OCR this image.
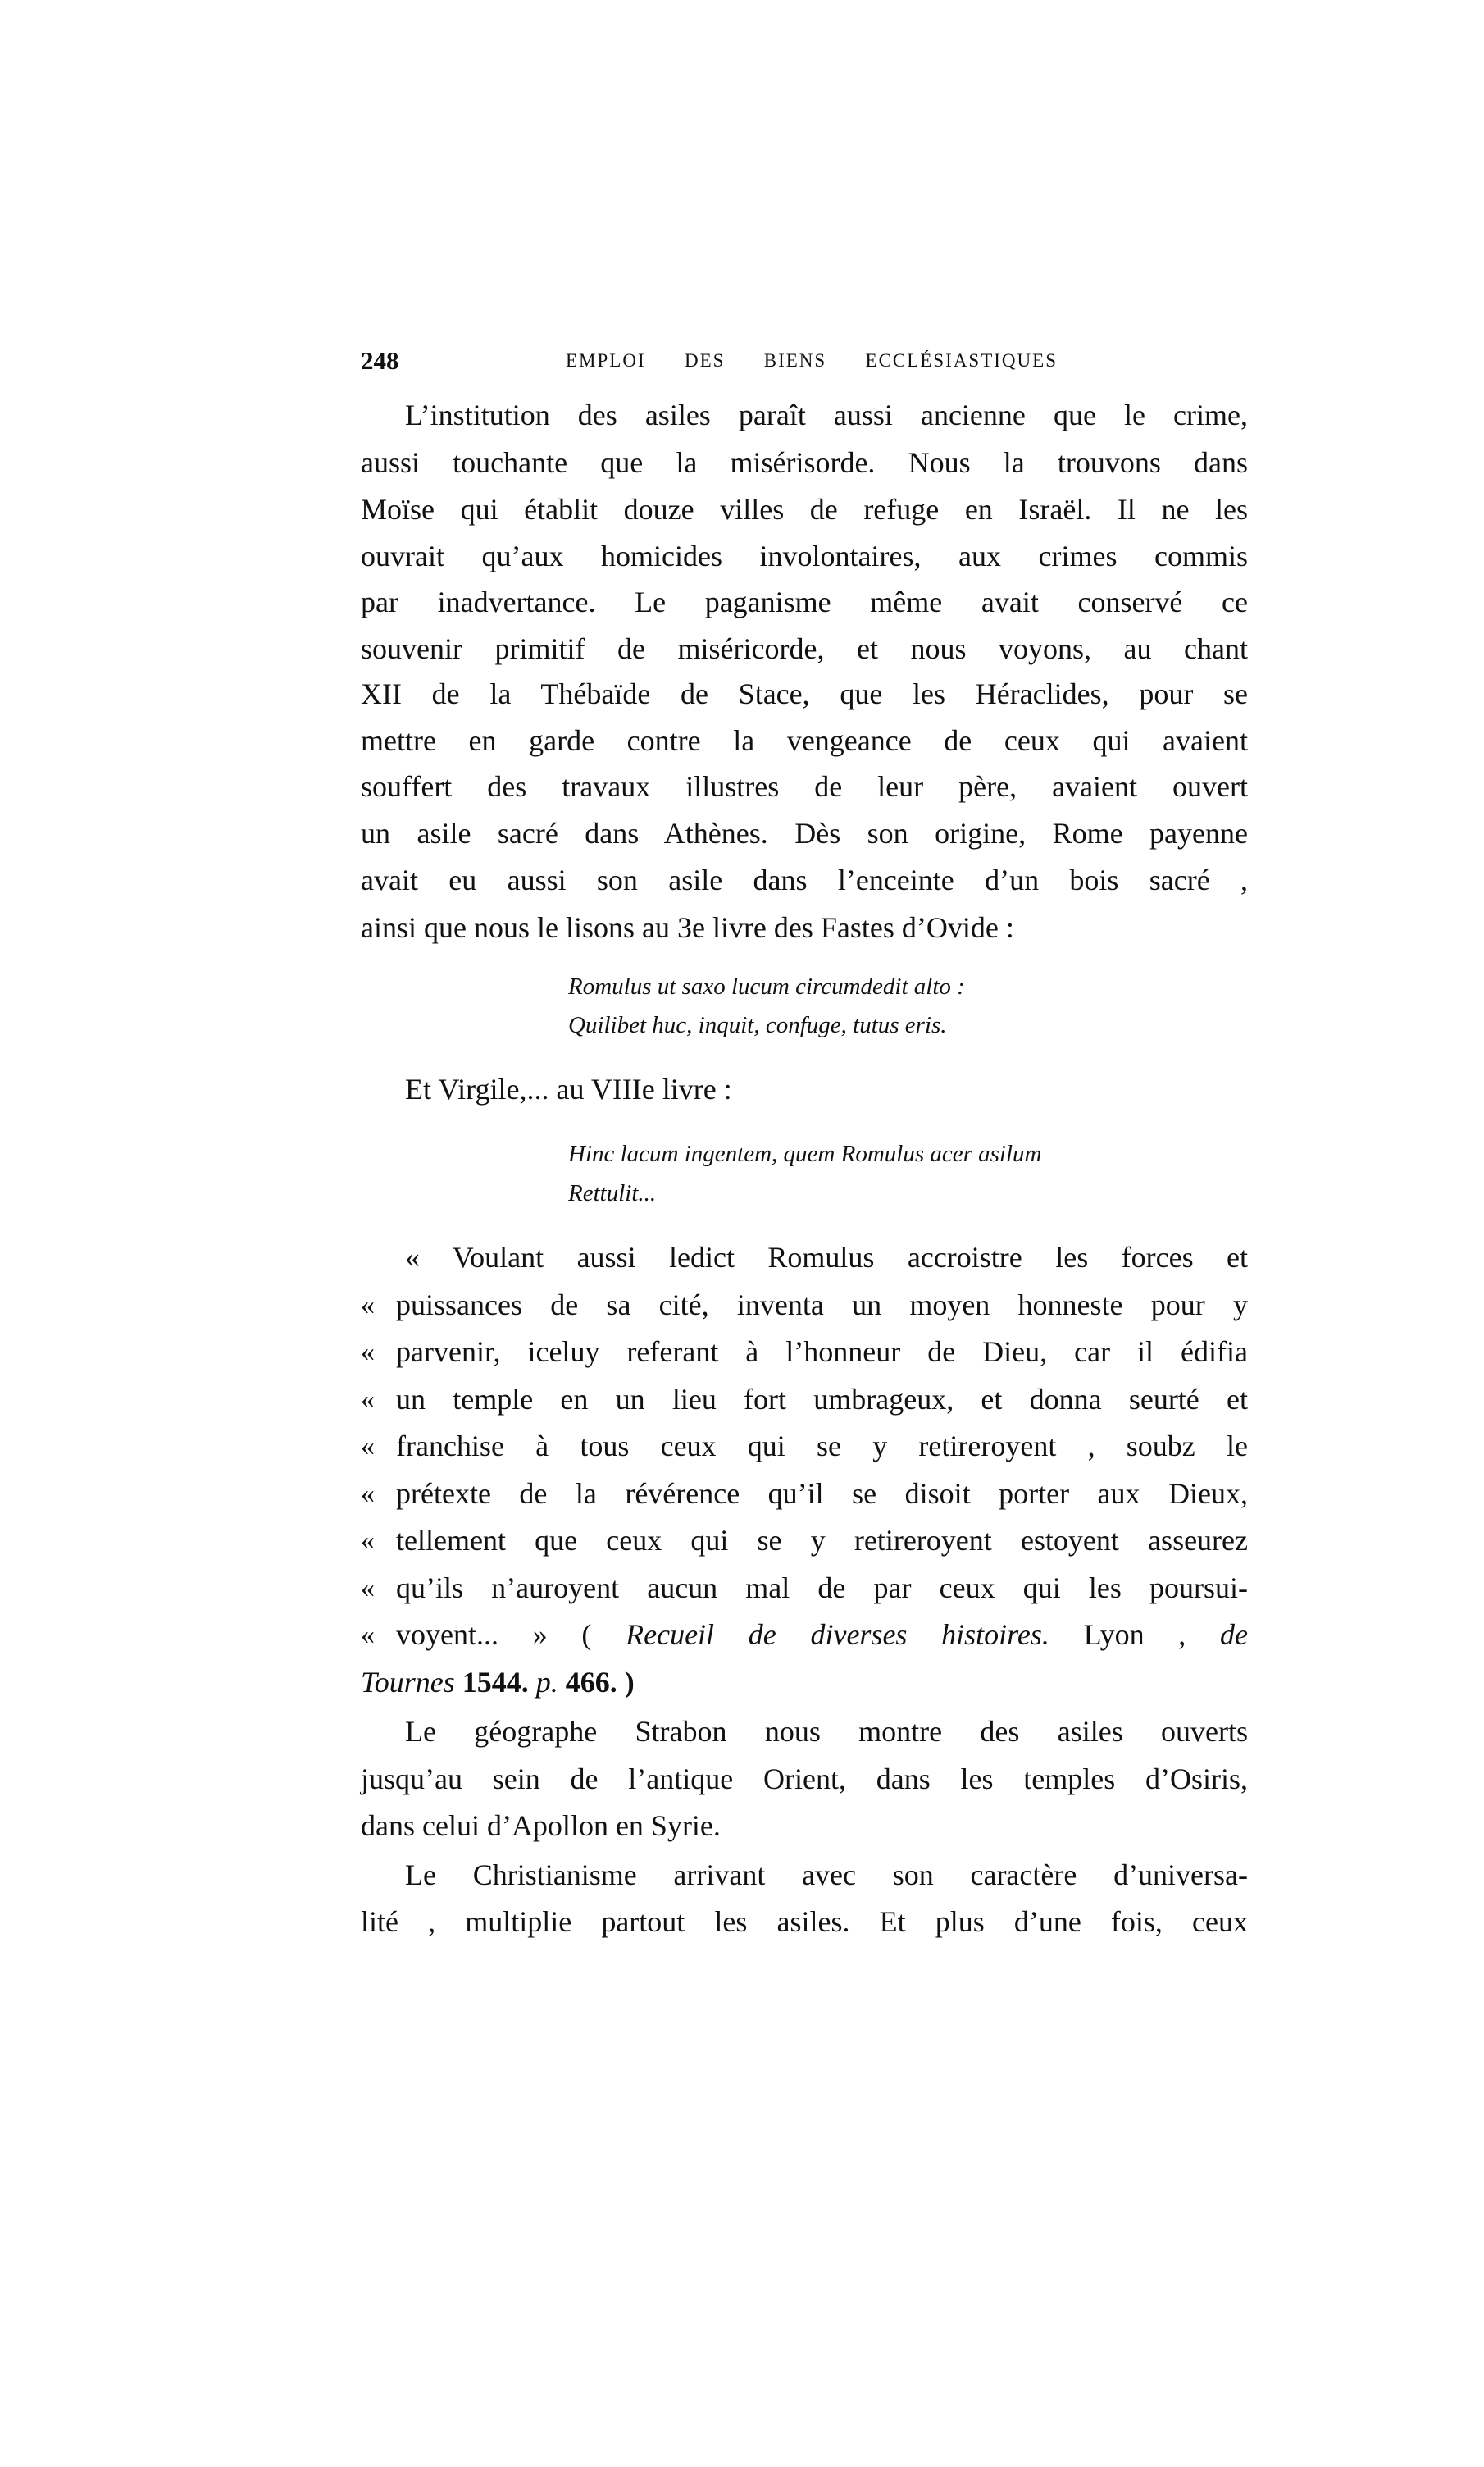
248	EMPLOI DES BIENS ECCLÉSIASTIQUES
L’institution des asiles paraît aussi ancienne que le crime,
aussi touchante que la misérisorde. Nous la trouvons dans
Moïse qui établit douze villes de refuge en Israël. Il ne les
ouvrait qu’aux homicides involontaires, aux crimes commis
par inadvertance. Le paganisme même avait conservé ce
souvenir primitif de miséricorde, et nous voyons, au chant
XII de la Thébaïde de Stace, que les Héraclides, pour se
mettre en garde contre la vengeance de ceux qui avaient
souffert des travaux illustres de leur père, avaient ouvert
un asile sacré dans Athènes. Dès son origine, Rome payenne
avait eu aussi son asile dans l’enceinte d’un bois sacré ,
ainsi que nous le lisons au 3e livre des Fastes d’Ovide :
Romulus ut saxo lucum circumdedit alto :
Quilibet huc, inquit, confuge, tutus eris.
Et Virgile,... au VIIIe livre :
Hinc lacum ingentem, quem Romulus acer asilum
Rettulit...
« Voulant aussi ledict Romulus accroistre les forces et
« puissances de sa cité, inventa un moyen honneste pour y
« parvenir, iceluy referant à l’honneur de Dieu, car il édifia
« un temple en un lieu fort umbrageux, et donna seurté et
« franchise à tous ceux qui se y retireroyent , soubz le
« prétexte de la révérence qu’il se disoit porter aux Dieux,
« tellement que ceux qui se y retireroyent estoyent asseurez
« qu’ils n’auroyent aucun mal de par ceux qui les poursui-
« voyent... » ( Recueil de diverses histoires. Lyon , de
Tournes 1544. p. 466. )
Le géographe Strabon nous montre des asiles ouverts
jusqu’au sein de l’antique Orient, dans les temples d’Osiris,
dans celui d’Apollon en Syrie.
Le Christianisme arrivant avec son caractère d’universa-
lité , multiplie partout les asiles. Et plus d’une fois, ceux
